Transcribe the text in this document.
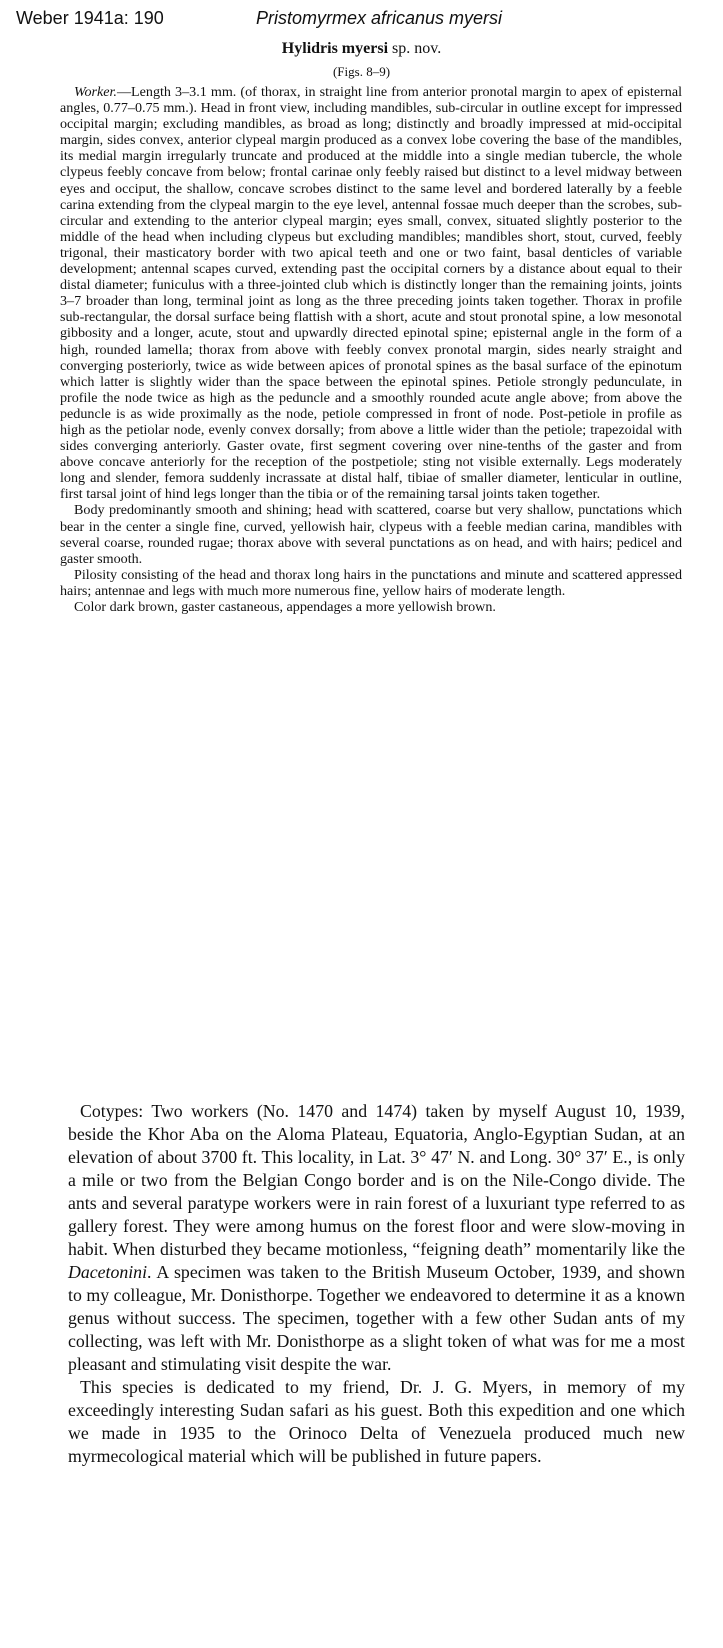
Weber 1941a: 190	Pristomyrmex africanus myersi
Hylidris myersi sp. nov.
(Figs. 8–9)

Worker.—Length 3–3.1 mm. (of thorax, in straight line from anterior pronotal margin to apex of episternal angles, 0.77–0.75 mm.). Head in front view, including mandibles, sub-circular in outline except for impressed occipital margin; excluding mandibles, as broad as long; distinctly and broadly impressed at mid-occipital margin, sides convex, anterior clypeal margin produced as a convex lobe covering the base of the mandibles, its medial margin irregularly truncate and produced at the middle into a single median tubercle, the whole clypeus feebly concave from below; frontal carinae only feebly raised but distinct to a level midway between eyes and occiput, the shallow, concave scrobes distinct to the same level and bordered laterally by a feeble carina extending from the clypeal margin to the eye level, antennal fossae much deeper than the scrobes, sub-circular and extending to the anterior clypeal margin; eyes small, convex, situated slightly posterior to the middle of the head when including clypeus but excluding mandibles; mandibles short, stout, curved, feebly trigonal, their masticatory border with two apical teeth and one or two faint, basal denticles of variable development; antennal scapes curved, extending past the occipital corners by a distance about equal to their distal diameter; funiculus with a three-jointed club which is distinctly longer than the remaining joints, joints 3–7 broader than long, terminal joint as long as the three preceding joints taken together. Thorax in profile sub-rectangular, the dorsal surface being flattish with a short, acute and stout pronotal spine, a low mesonotal gibbosity and a longer, acute, stout and upwardly directed epinotal spine; episternal angle in the form of a high, rounded lamella; thorax from above with feebly convex pronotal margin, sides nearly straight and converging posteriorly, twice as wide between apices of pronotal spines as the basal surface of the epinotum which latter is slightly wider than the space between the epinotal spines. Petiole strongly pedunculate, in profile the node twice as high as the peduncle and a smoothly rounded acute angle above; from above the peduncle is as wide proximally as the node, petiole compressed in front of node. Post-petiole in profile as high as the petiolar node, evenly convex dorsally; from above a little wider than the petiole; trapezoidal with sides converging anteriorly. Gaster ovate, first segment covering over nine-tenths of the gaster and from above concave anteriorly for the reception of the postpetiole; sting not visible externally. Legs moderately long and slender, femora suddenly incrassate at distal half, tibiae of smaller diameter, lenticular in outline, first tarsal joint of hind legs longer than the tibia or of the remaining tarsal joints taken together.

Body predominantly smooth and shining; head with scattered, coarse but very shallow, punctations which bear in the center a single fine, curved, yellowish hair, clypeus with a feeble median carina, mandibles with several coarse, rounded rugae; thorax above with several punctations as on head, and with hairs; pedicel and gaster smooth.

Pilosity consisting of the head and thorax long hairs in the punctations and minute and scattered appressed hairs; antennae and legs with much more numerous fine, yellow hairs of moderate length.

Color dark brown, gaster castaneous, appendages a more yellowish brown.

Cotypes: Two workers (No. 1470 and 1474) taken by myself August 10, 1939, beside the Khor Aba on the Aloma Plateau, Equatoria, Anglo-Egyptian Sudan, at an elevation of about 3700 ft. This locality, in Lat. 3° 47′ N. and Long. 30° 37′ E., is only a mile or two from the Belgian Congo border and is on the Nile-Congo divide. The ants and several paratype workers were in rain forest of a luxuriant type referred to as gallery forest. They were among humus on the forest floor and were slow-moving in habit. When disturbed they became motionless, “feigning death” momentarily like the Dacetonini. A specimen was taken to the British Museum October, 1939, and shown to my colleague, Mr. Donisthorpe. Together we endeavored to determine it as a known genus without success. The specimen, together with a few other Sudan ants of my collecting, was left with Mr. Donisthorpe as a slight token of what was for me a most pleasant and stimulating visit despite the war.

This species is dedicated to my friend, Dr. J. G. Myers, in memory of my exceedingly interesting Sudan safari as his guest. Both this expedition and one which we made in 1935 to the Orinoco Delta of Venezuela produced much new myrmecological material which will be published in future papers.
